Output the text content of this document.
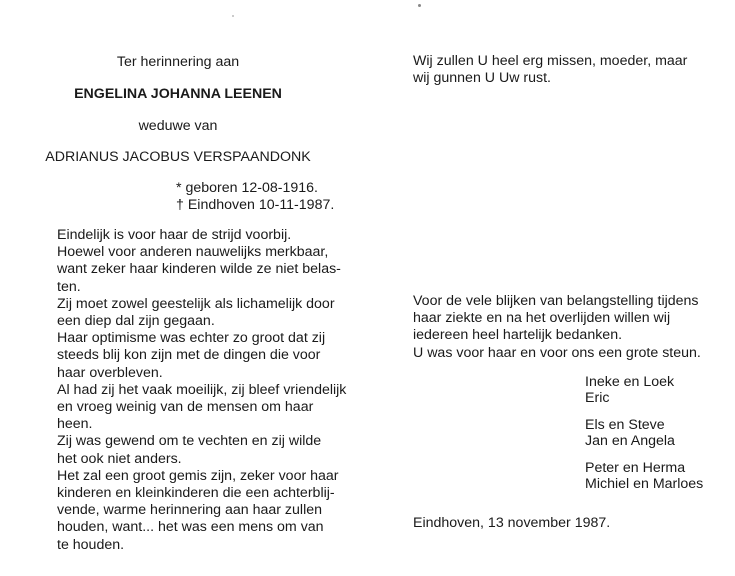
Ter herinnering aan
ENGELINA JOHANNA LEENEN
weduwe van
ADRIANUS JACOBUS VERSPAANDONK
* geboren 12-08-1916.
† Eindhoven 10-11-1987.
Eindelijk is voor haar de strijd voorbij.
Hoewel voor anderen nauwelijks merkbaar,
want zeker haar kinderen wilde ze niet belas-
ten.
Zij moet zowel geestelijk als lichamelijk door
een diep dal zijn gegaan.
Haar optimisme was echter zo groot dat zij
steeds blij kon zijn met de dingen die voor
haar overbleven.
Al had zij het vaak moeilijk, zij bleef vriendelijk
en vroeg weinig van de mensen om haar
heen.
Zij was gewend om te vechten en zij wilde
het ook niet anders.
Het zal een groot gemis zijn, zeker voor haar
kinderen en kleinkinderen die een achterblij-
vende, warme herinnering aan haar zullen
houden, want... het was een mens om van
te houden.
Wij zullen U heel erg missen, moeder, maar
wij gunnen U Uw rust.
Voor de vele blijken van belangstelling tijdens
haar ziekte en na het overlijden willen wij
iedereen heel hartelijk bedanken.
U was voor haar en voor ons een grote steun.
Ineke en Loek
Eric
Els en Steve
Jan en Angela
Peter en Herma
Michiel en Marloes
Eindhoven, 13 november 1987.
